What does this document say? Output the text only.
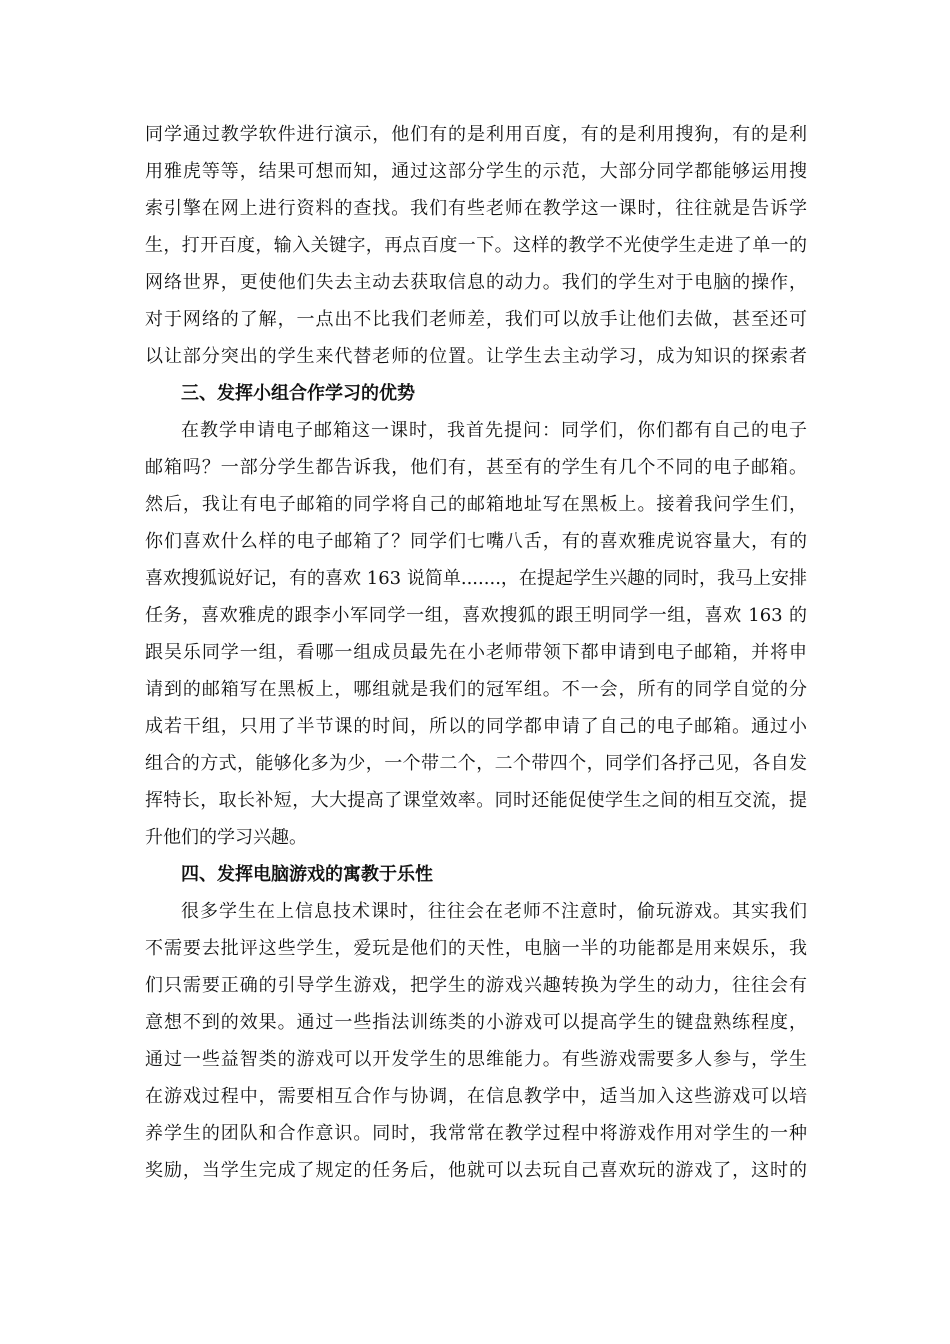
同学通过教学软件进行演示，他们有的是利用百度，有的是利用搜狗，有的是利
用雅虎等等，结果可想而知，通过这部分学生的示范，大部分同学都能够运用搜
索引擎在网上进行资料的查找。我们有些老师在教学这一课时，往往就是告诉学
生，打开百度，输入关键字，再点百度一下。这样的教学不光使学生走进了单一的
网络世界，更使他们失去主动去获取信息的动力。我们的学生对于电脑的操作，
对于网络的了解，一点出不比我们老师差，我们可以放手让他们去做，甚至还可
以让部分突出的学生来代替老师的位置。让学生去主动学习，成为知识的探索者
三、发挥小组合作学习的优势
在教学申请电子邮箱这一课时，我首先提问：同学们，你们都有自己的电子
邮箱吗？一部分学生都告诉我，他们有，甚至有的学生有几个不同的电子邮箱。
然后，我让有电子邮箱的同学将自己的邮箱地址写在黑板上。接着我问学生们，
你们喜欢什么样的电子邮箱了？同学们七嘴八舌，有的喜欢雅虎说容量大，有的
喜欢搜狐说好记，有的喜欢 163 说简单.......，在提起学生兴趣的同时，我马上安排
任务，喜欢雅虎的跟李小军同学一组，喜欢搜狐的跟王明同学一组，喜欢 163 的
跟吴乐同学一组，看哪一组成员最先在小老师带领下都申请到电子邮箱，并将申
请到的邮箱写在黑板上，哪组就是我们的冠军组。不一会，所有的同学自觉的分
成若干组，只用了半节课的时间，所以的同学都申请了自己的电子邮箱。通过小
组合的方式，能够化多为少，一个带二个，二个带四个，同学们各抒己见，各自发
挥特长，取长补短，大大提高了课堂效率。同时还能促使学生之间的相互交流，提
升他们的学习兴趣。
四、发挥电脑游戏的寓教于乐性
很多学生在上信息技术课时，往往会在老师不注意时，偷玩游戏。其实我们
不需要去批评这些学生，爱玩是他们的天性，电脑一半的功能都是用来娱乐，我
们只需要正确的引导学生游戏，把学生的游戏兴趣转换为学生的动力，往往会有
意想不到的效果。通过一些指法训练类的小游戏可以提高学生的键盘熟练程度，
通过一些益智类的游戏可以开发学生的思维能力。有些游戏需要多人参与，学生
在游戏过程中，需要相互合作与协调，在信息教学中，适当加入这些游戏可以培
养学生的团队和合作意识。同时，我常常在教学过程中将游戏作用对学生的一种
奖励，当学生完成了规定的任务后，他就可以去玩自己喜欢玩的游戏了，这时的
